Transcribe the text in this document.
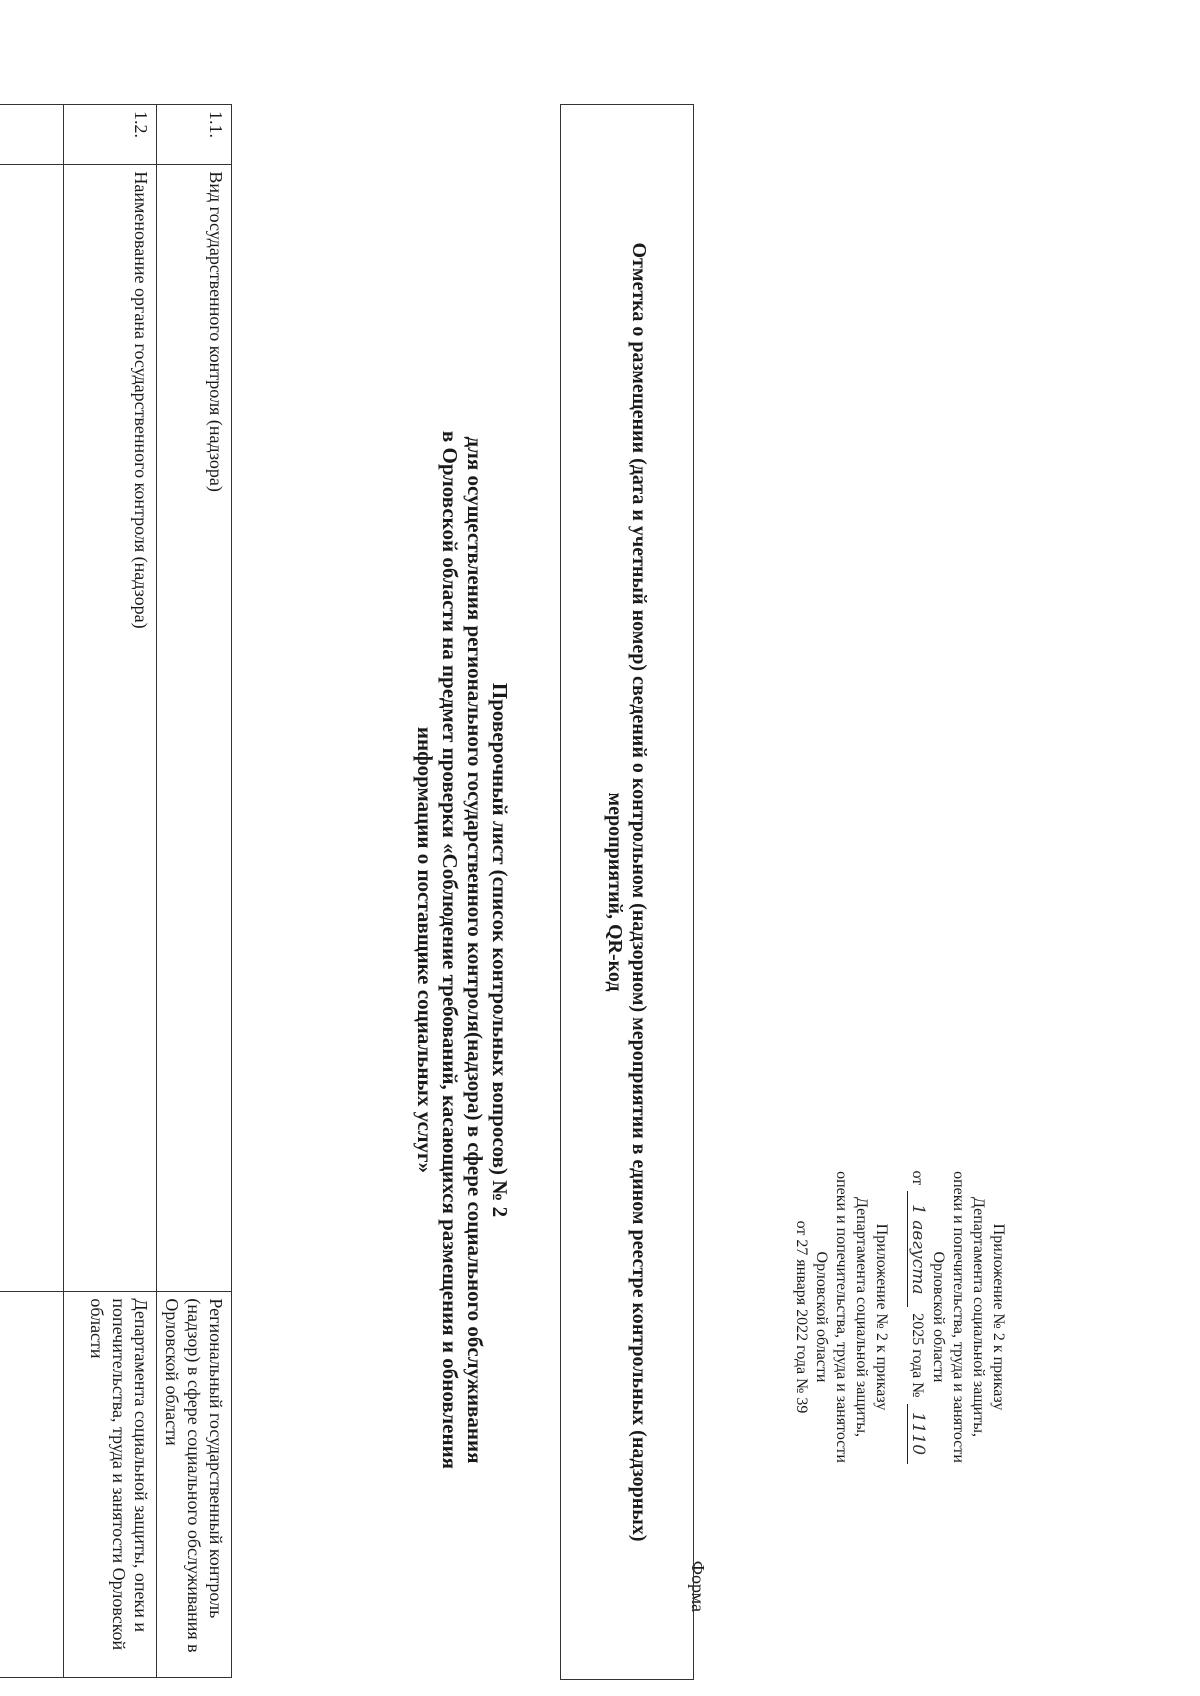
Форма
Приложение № 2 к приказу
Департамента социальной защиты,
опеки и попечительства, труда и занятости
Орловской области
от
1 августа
2025 года №
1110
Приложение № 2 к приказу
Департамента социальной защиты,
опеки и попечительства, труда и занятости
Орловской области
от 27 января 2022 года № 39
Отметка о размещении (дата и учетный номер) сведений о контрольном (надзорном) мероприятии в едином реестре контрольных (надзорных) мероприятий, QR-код
Проверочный лист (список контрольных вопросов) № 2
для осуществления регионального государственного контроля(надзора) в сфере социального обслуживания
в Орловской области на предмет проверки «Соблюдение требований, касающихся размещения и обновления
информации о поставщике социальных услуг»
1.1.	Вид государственного контроля (надзора)	Региональный государственный контроль (надзор) в сфере социального обслуживания в Орловской области
1.2.	Наименование органа государственного контроля (надзора)	Департамента социальной защиты, опеки и попечительства, труда и занятости Орловской области
